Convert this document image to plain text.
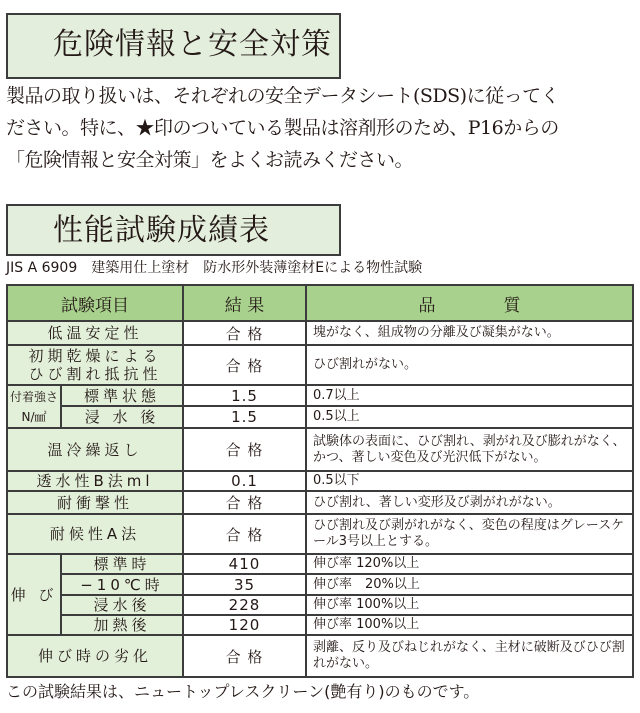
危険情報と安全対策
製品の取り扱いは、それぞれの安全データシート(SDS)に従ってく
ださい。特に、★印のついている製品は溶剤形のため、P16からの
「危険情報と安全対策」をよくお読みください。
性能試験成績表
JIS A 6909　建築用仕上塗材　防水形外装薄塗材Eによる物性試験
試験項目		結 果	品　　　　質
低温安定性		合 格	塊がなく、組成物の分離及び凝集がない。
初期乾燥による
ひび割れ抵抗性		合 格	ひび割れがない。
付着強さ
N/㎟	標準状態	1.5	0.7以上
	浸 水 後	1.5	0.5以上
温冷繰返し		合 格	試験体の表面に、ひび割れ、剥がれ及び膨れがなく、かつ、著しい変色及び光沢低下がない。
透水性B法ml		0.1	0.5以下
耐衝撃性		合 格	ひび割れ、著しい変形及び剥がれがない。
耐候性A法		合 格	ひび割れ及び剥がれがなく、変色の程度はグレースケール3号以上とする。
伸 び	標準時	410	伸び率 120%以上
	−10℃時	35	伸び率　20%以上
	浸水後	228	伸び率 100%以上
	加熱後	120	伸び率 100%以上
伸び時の劣化		合 格	剥離、反り及びねじれがなく、主材に破断及びひび割れがない。
この試験結果は、ニュートップレスクリーン(艶有り)のものです。
